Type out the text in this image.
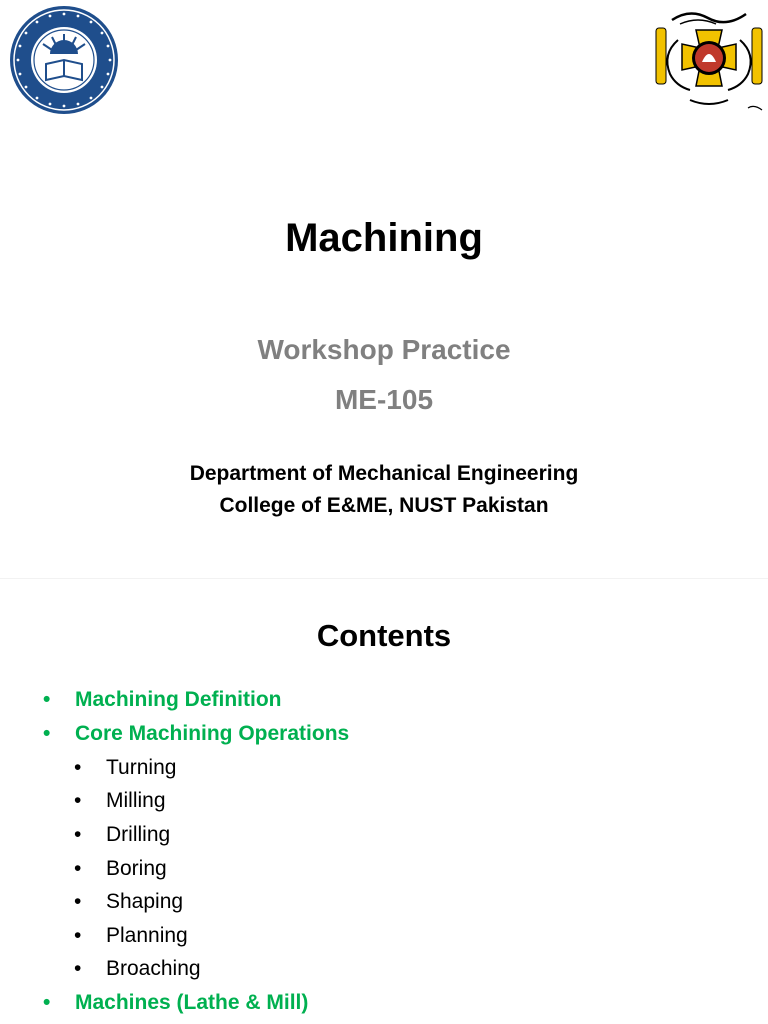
Machining
Workshop Practice
ME-105
Department of Mechanical Engineering
College of E&ME, NUST Pakistan
Contents
• Machining Definition
• Core Machining Operations
• Turning
• Milling
• Drilling
• Boring
• Shaping
• Planning
• Broaching
• Machines (Lathe & Mill)
